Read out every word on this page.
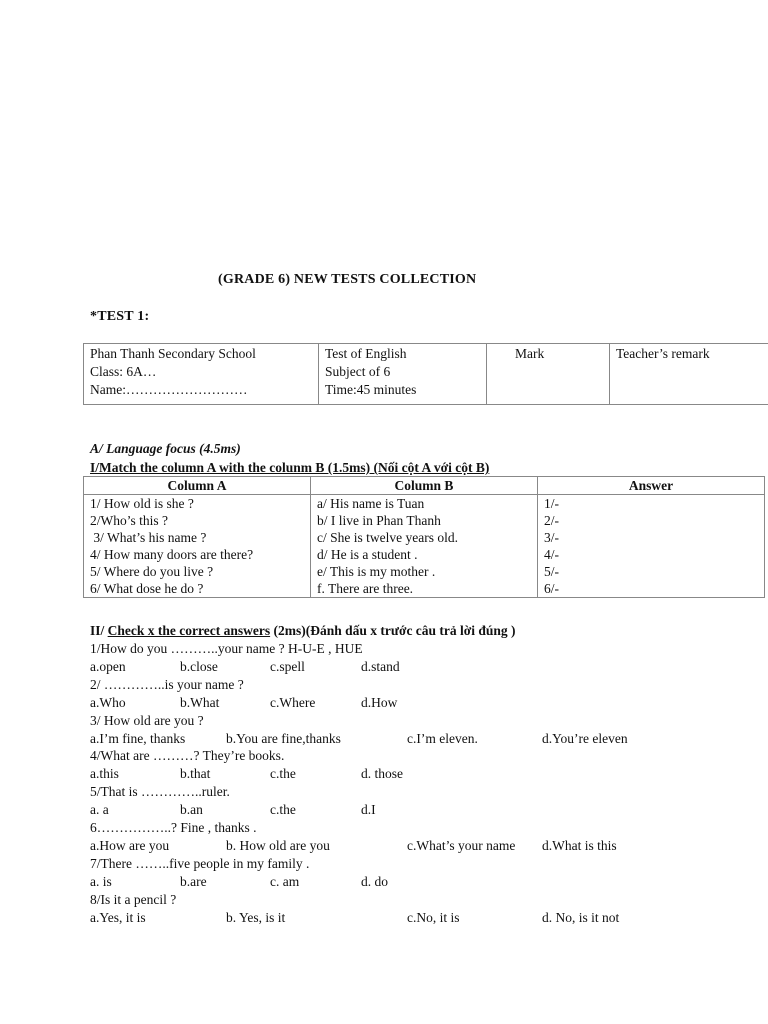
(GRADE 6) NEW TESTS COLLECTION
*TEST 1:
Phan Thanh Secondary School
Class: 6A…
Name:………………………

Test of English
Subject of 6
Time:45 minutes

Mark	Teacher’s remark
A/ Language focus (4.5ms)
I/Match the column A with the colunm B (1.5ms) (Nối cột A với cột B)
Column A	Column B	Answer
1/ How old is she ?	a/ His name is Tuan	1/-
2/Who’s this ?	b/ I live in Phan Thanh	2/-
3/ What’s his name ?	c/ She is twelve years old.	3/-
4/ How many doors are there?	d/ He is a student .	4/-
5/ Where do you live ?	e/ This is my mother .	5/-
6/ What dose he do ?	f. There are three.	6/-
II/ Check x the correct answers (2ms)(Đánh dấu x trước câu trả lời đúng )
1/How do you ………..your name ? H-U-E , HUE
a.open	b.close	c.spell	d.stand
2/ …………..is your name ?
a.Who	b.What	c.Where	d.How
3/ How old are you ?
a.I’m fine, thanks	b.You are fine,thanks	c.I’m eleven.	d.You’re eleven
4/What are ………? They’re books.
a.this	b.that	c.the	d. those
5/That is …………..ruler.
a. a	b.an	c.the	d.I
6……………..? Fine , thanks .
a.How are you	b. How old are you	c.What’s your name d.What is this
7/There ……..five people in my family .
a. is	b.are	c. am	d. do
8/Is it a pencil ?
a.Yes, it is	b. Yes, is it	c.No, it is	d. No, is it not
